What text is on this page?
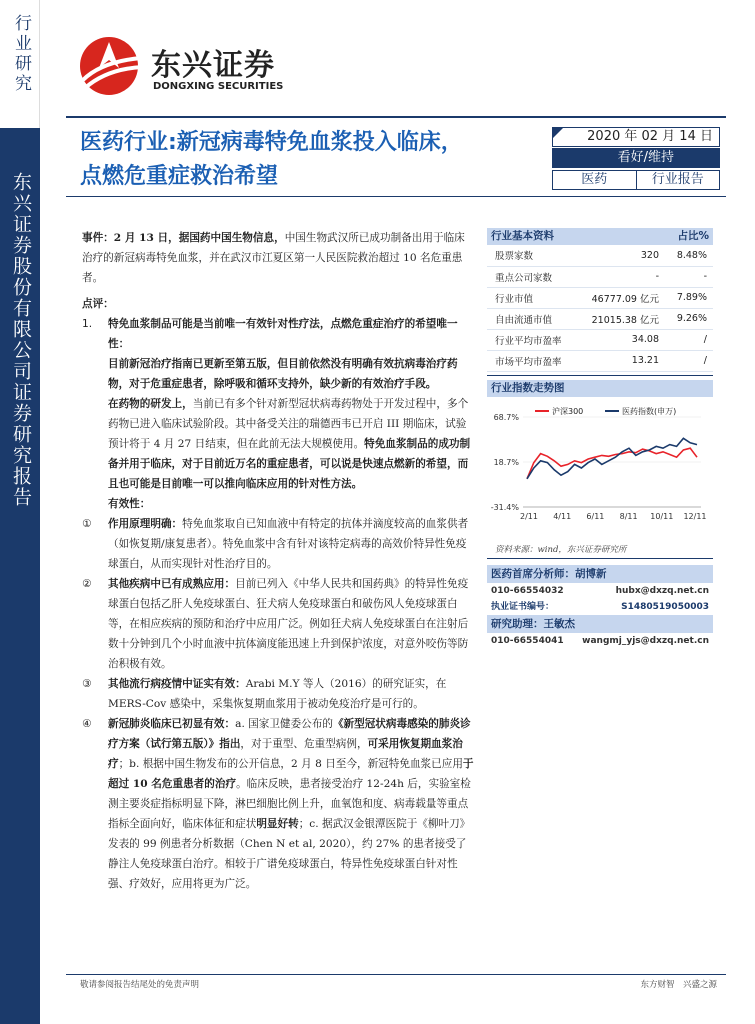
行业研究
东兴证券股份有限公司证券研究报告
东兴证券
DONGXING SECURITIES
医药行业:新冠病毒特免血浆投入临床，点燃危重症救治希望
2020 年 02 月 14 日
看好/维持
医药	行业报告

事件：2 月 13 日，据国药中国生物信息，中国生物武汉所已成功制备出用于临床治疗的新冠病毒特免血浆，并在武汉市江夏区第一人民医院救治超过 10 名危重患者。

点评：

1. 特免血浆制品可能是当前唯一有效针对性疗法，点燃危重症治疗的希望唯一性：

目前新冠治疗指南已更新至第五版，但目前依然没有明确有效抗病毒治疗药物，对于危重症患者，除呼吸和循环支持外，缺少新的有效治疗手段。

在药物的研发上，当前已有多个针对新型冠状病毒药物处于开发过程中，多个药物已进入临床试验阶段。其中备受关注的瑞德西韦已开启 III 期临床，试验预计将于 4 月 27 日结束，但在此前无法大规模使用。特免血浆制品的成功制备并用于临床，对于目前近万名的重症患者，可以说是快速点燃新的希望，而且也可能是目前唯一可以推向临床应用的针对性方法。

有效性：

① 作用原理明确：特免血浆取自已知血液中有特定的抗体并滴度较高的血浆供者（如恢复期/康复患者）。特免血浆中含有针对该特定病毒的高效价特异性免疫球蛋白，从而实现针对性治疗目的。
② 其他疾病中已有成熟应用：目前已列入《中华人民共和国药典》的特异性免疫球蛋白包括乙肝人免疫球蛋白、狂犬病人免疫球蛋白和破伤风人免疫球蛋白等，在相应疾病的预防和治疗中应用广泛。例如狂犬病人免疫球蛋白在注射后数十分钟到几个小时血液中抗体滴度能迅速上升到保护浓度，对意外咬伤等防治积极有效。
③ 其他流行病疫情中证实有效：Arabi M.Y 等人（2016）的研究证实，在 MERS-Cov 感染中，采集恢复期血浆用于被动免疫治疗是可行的。
④ 新冠肺炎临床已初显有效：a. 国家卫健委公布的《新型冠状病毒感染的肺炎诊疗方案（试行第五版）》指出，对于重型、危重型病例，可采用恢复期血浆治疗；b. 根据中国生物发布的公开信息，2 月 8 日至今，新冠特免血浆已应用于超过 10 名危重患者的治疗。临床反映，患者接受治疗 12-24h 后，实验室检测主要炎症指标明显下降，淋巴细胞比例上升，血氧饱和度、病毒载量等重点指标全面向好，临床体征和症状明显好转；c. 据武汉金银潭医院于《柳叶刀》发表的 99 例患者分析数据（Chen N et al, 2020），约 27% 的患者接受了静注人免疫球蛋白治疗。相较于广谱免疫球蛋白，特异性免疫球蛋白针对性强、疗效好，应用将更为广泛。
行业基本资料	占比%
股票家数	320	8.48%
重点公司家数	-	-
行业市值	46777.09 亿元	7.89%
自由流通市值	21015.38 亿元	9.26%
行业平均市盈率	34.08	/
市场平均市盈率	13.21	/
行业指数走势图
68.7%
18.7%
-31.4%
2/11 4/11 6/11 8/11 10/11 12/11
沪深300	医药指数(申万)
资料来源：wind，东兴证券研究所
医药首席分析师：胡博新
010-66554032	hubx@dxzq.net.cn
执业证书编号：	S1480519050003
研究助理：王敏杰
010-66554041 wangmj_yjs@dxzq.net.cn
敬请参阅报告结尾处的免责声明	东方财智　兴盛之源
